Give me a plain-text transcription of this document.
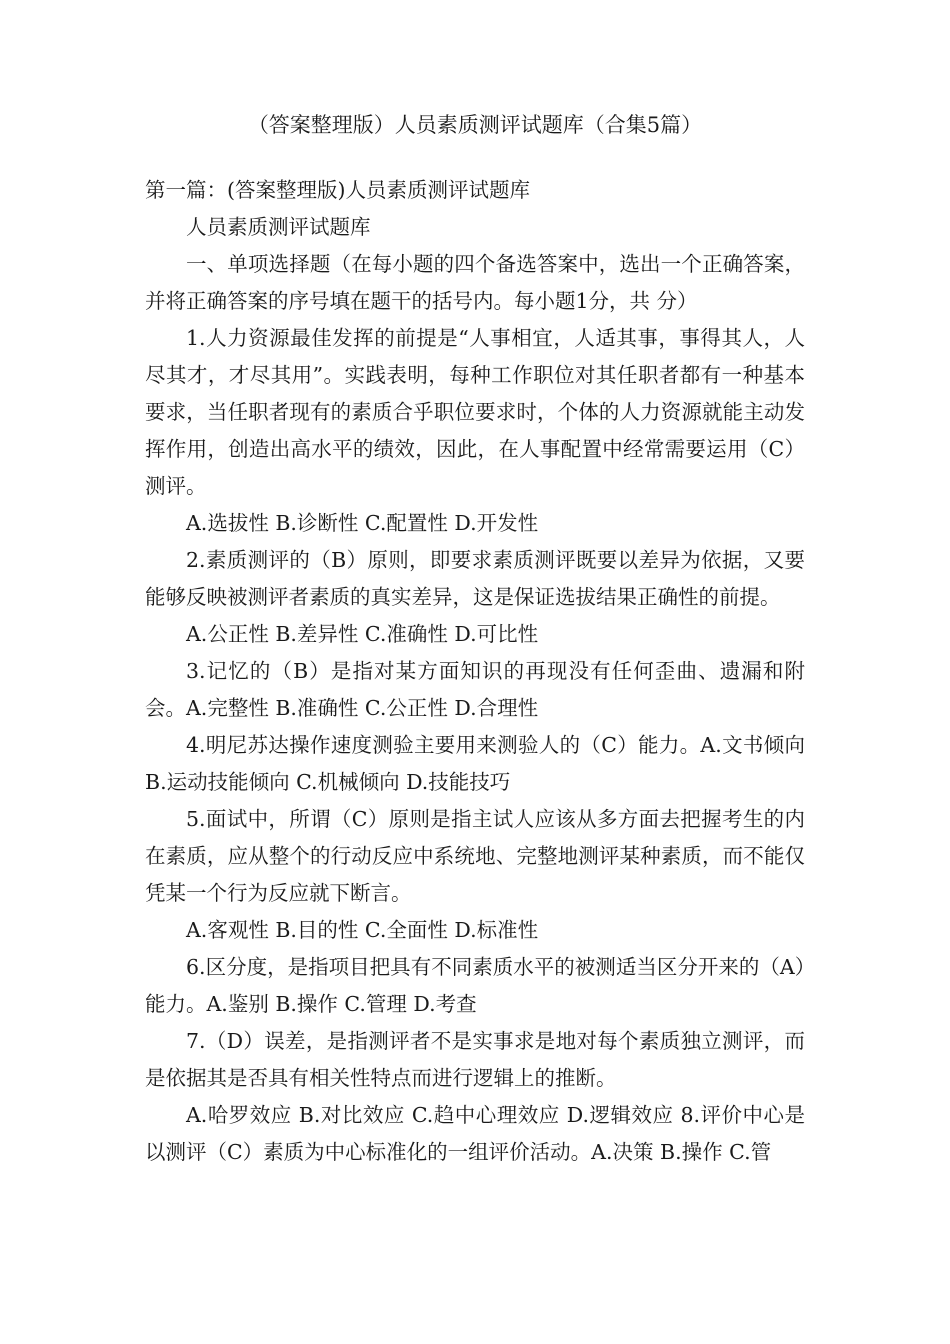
（答案整理版）人员素质测评试题库（合集5篇）

第一篇：(答案整理版)人员素质测评试题库

人员素质测评试题库

一、单项选择题（在每小题的四个备选答案中，选出一个正确答案，并将正确答案的序号填在题干的括号内。每小题1分，共 分）

1.人力资源最佳发挥的前提是“人事相宜，人适其事，事得其人，人尽其才，才尽其用”。实践表明，每种工作职位对其任职者都有一种基本要求，当任职者现有的素质合乎职位要求时，个体的人力资源就能主动发挥作用，创造出高水平的绩效，因此，在人事配置中经常需要运用（C）测评。

A.选拔性 B.诊断性 C.配置性 D.开发性

2.素质测评的（B）原则，即要求素质测评既要以差异为依据，又要能够反映被测评者素质的真实差异，这是保证选拔结果正确性的前提。

A.公正性 B.差异性 C.准确性 D.可比性

3.记忆的（B）是指对某方面知识的再现没有任何歪曲、遗漏和附会。A.完整性 B.准确性 C.公正性 D.合理性

4.明尼苏达操作速度测验主要用来测验人的（C）能力。A.文书倾向 B.运动技能倾向 C.机械倾向 D.技能技巧

5.面试中，所谓（C）原则是指主试人应该从多方面去把握考生的内在素质，应从整个的行动反应中系统地、完整地测评某种素质，而不能仅凭某一个行为反应就下断言。

A.客观性 B.目的性 C.全面性 D.标准性

6.区分度，是指项目把具有不同素质水平的被测适当区分开来的（A）能力。A.鉴别 B.操作 C.管理 D.考查

7.（D）误差，是指测评者不是实事求是地对每个素质独立测评，而是依据其是否具有相关性特点而进行逻辑上的推断。

A.哈罗效应 B.对比效应 C.趋中心理效应 D.逻辑效应 8.评价中心是以测评（C）素质为中心标准化的一组评价活动。A.决策 B.操作 C.管
